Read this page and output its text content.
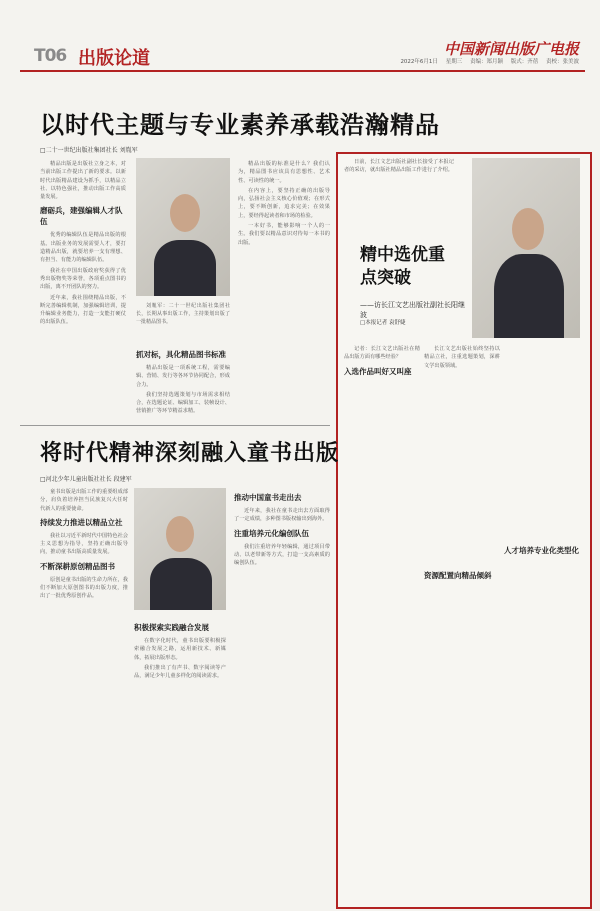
T06 出版论道	中国新闻出版广电报
2022年6月1日 星期三 责编：郑月颖 版式：齐蓓 责校：张美波
以时代主题与专业素养承载浩瀚精品
□二十一世纪出版社集团社长 刘胤军

精品出版是出版社立身之本，对当前出版工作提出了新的要求。以新时代出版精品建设为抓手，以精品立社、以特色强社，推动出版工作高质量发展。

磨砺兵，建强编辑人才队伍

优秀的编辑队伍是精品出版的根基。出版业务的发展需要人才，要打造精品出版，就要培养一支有理想、有担当、有能力的编辑队伍。

我社在中国出版政府奖获得了优秀出版物奖等荣誉，各项重点图书的出版，离不开团队的努力。

近年来，我社围绕精品出版，不断完善编辑机制，加强编辑培训，提升编辑业务能力，打造一支能打硬仗的出版队伍。

刘胤军：二十一世纪出版社集团社长，长期从事出版工作，主持策划出版了一批精品图书。
抓对标，具化精品图书标准

精品出版是一项系统工程，需要编辑、营销、发行等各环节协同配合，形成合力。

我们坚持选题策划与市场需求相结合，在选题论证、编辑加工、装帧设计、营销推广等环节精益求精。

精品出版的标准是什么？我们认为，精品图书应该具有思想性、艺术性、可读性的统一。

在内容上，要坚持正确的出版导向，弘扬社会主义核心价值观；在形式上，要不断创新，追求完美；在效果上，要经得起读者和市场的检验。

一本好书，能够影响一个人的一生。我们要以精品意识对待每一本书的出版。

日前，长江文艺出版社副社长接受了本报记者的采访，就出版社精品出版工作进行了介绍。

精中选优重点突破
——访长江文艺出版社副社长阳继波
□本报记者 袁舒婕

记者：长江文艺出版社在精品出版方面有哪些经验？

入选作品叫好又叫座

长江文艺出版社始终坚持以精品立社，注重选题策划，深耕文学出版领域。

资源配置向精品倾斜
人才培养专业化类型化
将时代精神深刻融入童书出版
□河北少年儿童出版社社长 段建军

童书出版是出版工作的重要组成部分，肩负着培养担当民族复兴大任时代新人的重要使命。

持续发力推进以精品立社

我社以习近平新时代中国特色社会主义思想为指导，坚持正确出版导向，推动童书出版高质量发展。

不断深耕原创精品图书

原创是童书出版的生命力所在，我们不断加大原创图书的出版力度，推出了一批优秀原创作品。

积极探索实践融合发展

在数字化时代，童书出版要积极探索融合发展之路，运用新技术、新媒体，拓展出版形态。

我们推出了有声书、数字阅读等产品，满足少年儿童多样化的阅读需求。

推动中国童书走出去

近年来，我社在童书走出去方面取得了一定成绩，多种图书版权输出到海外。

注重培养元化编创队伍

我们注重培养年轻编辑，通过项目带动、以老带新等方式，打造一支高素质的编创队伍。
